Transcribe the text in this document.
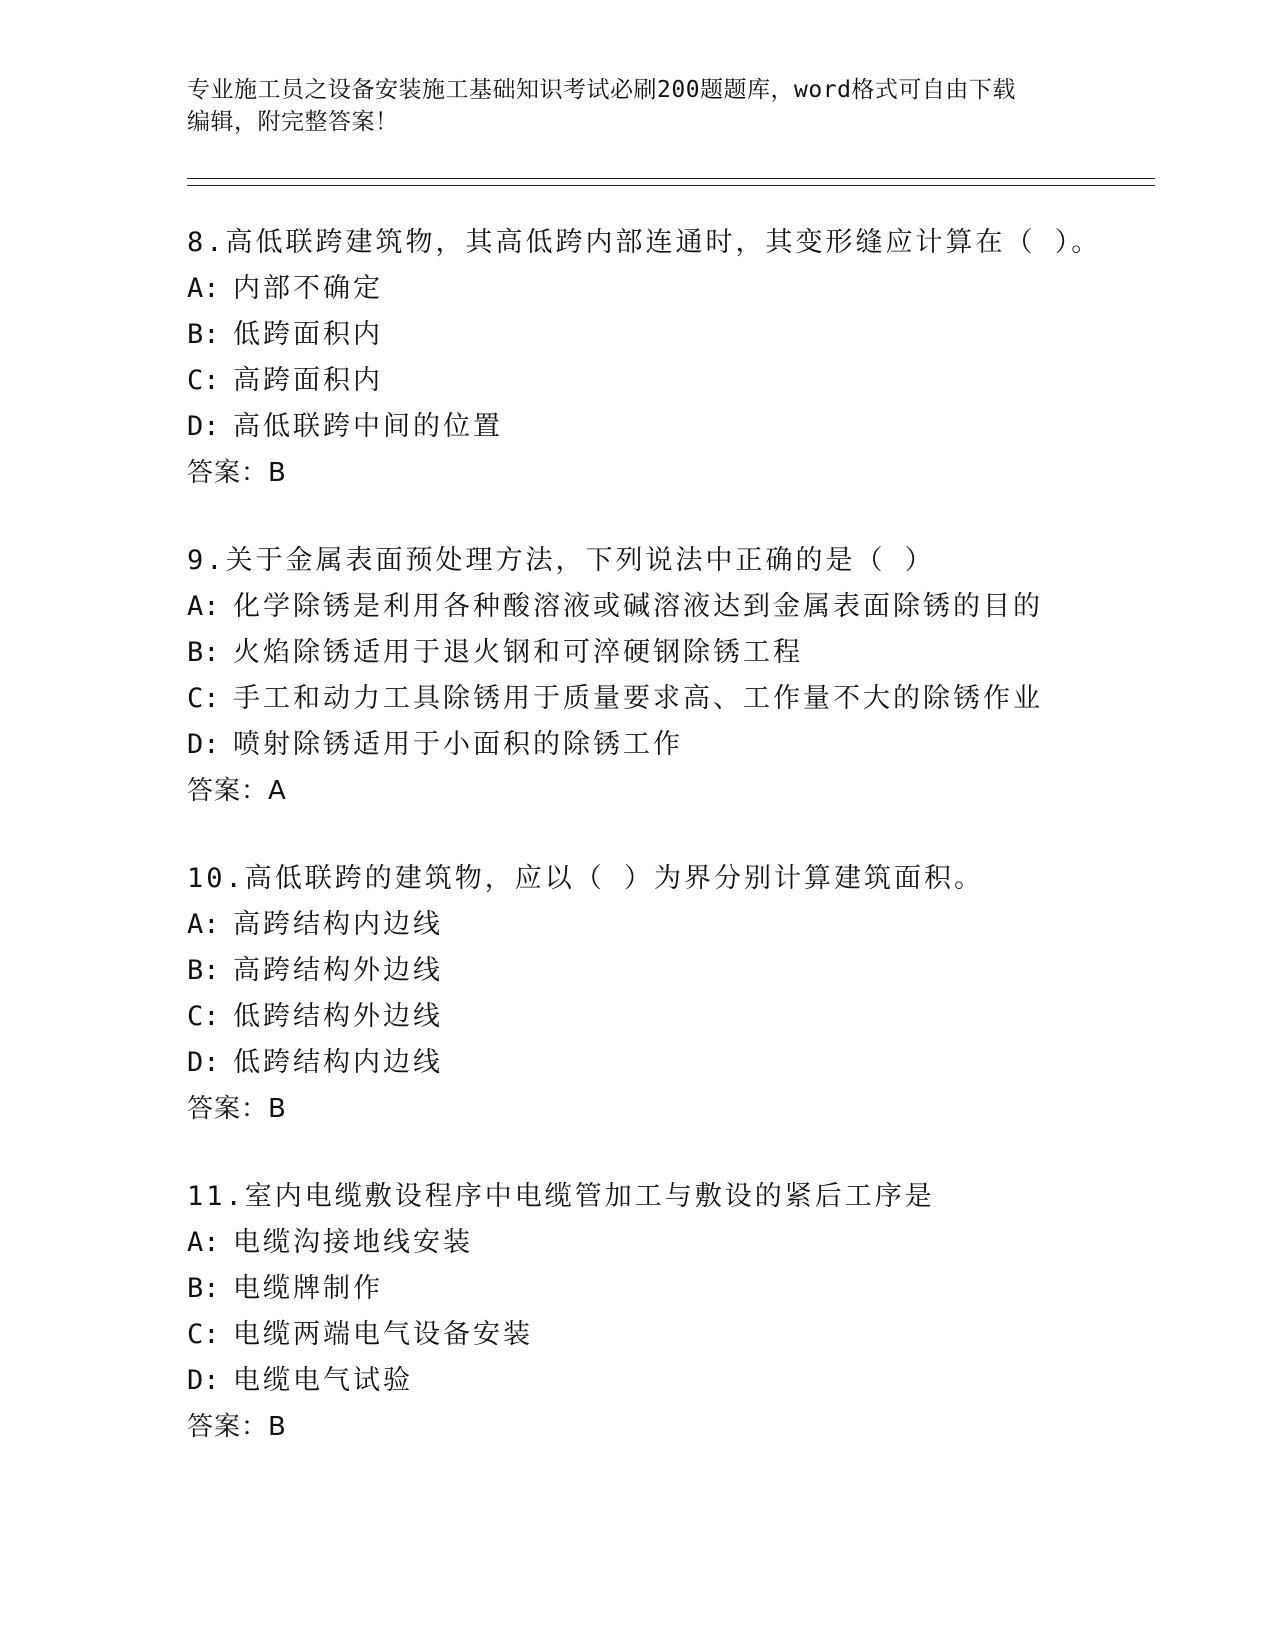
专业施工员之设备安装施工基础知识考试必刷200题题库，word格式可自由下载
编辑，附完整答案！
8.高低联跨建筑物，其高低跨内部连通时，其变形缝应计算在（ ）。
A: 内部不确定
B: 低跨面积内
C: 高跨面积内
D: 高低联跨中间的位置
答案：B
9.关于金属表面预处理方法，下列说法中正确的是（ ）
A: 化学除锈是利用各种酸溶液或碱溶液达到金属表面除锈的目的
B: 火焰除锈适用于退火钢和可淬硬钢除锈工程
C: 手工和动力工具除锈用于质量要求高、工作量不大的除锈作业
D: 喷射除锈适用于小面积的除锈工作
答案：A
10.高低联跨的建筑物，应以（ ）为界分别计算建筑面积。
A: 高跨结构内边线
B: 高跨结构外边线
C: 低跨结构外边线
D: 低跨结构内边线
答案：B
11.室内电缆敷设程序中电缆管加工与敷设的紧后工序是
A: 电缆沟接地线安装
B: 电缆牌制作
C: 电缆两端电气设备安装
D: 电缆电气试验
答案：B
